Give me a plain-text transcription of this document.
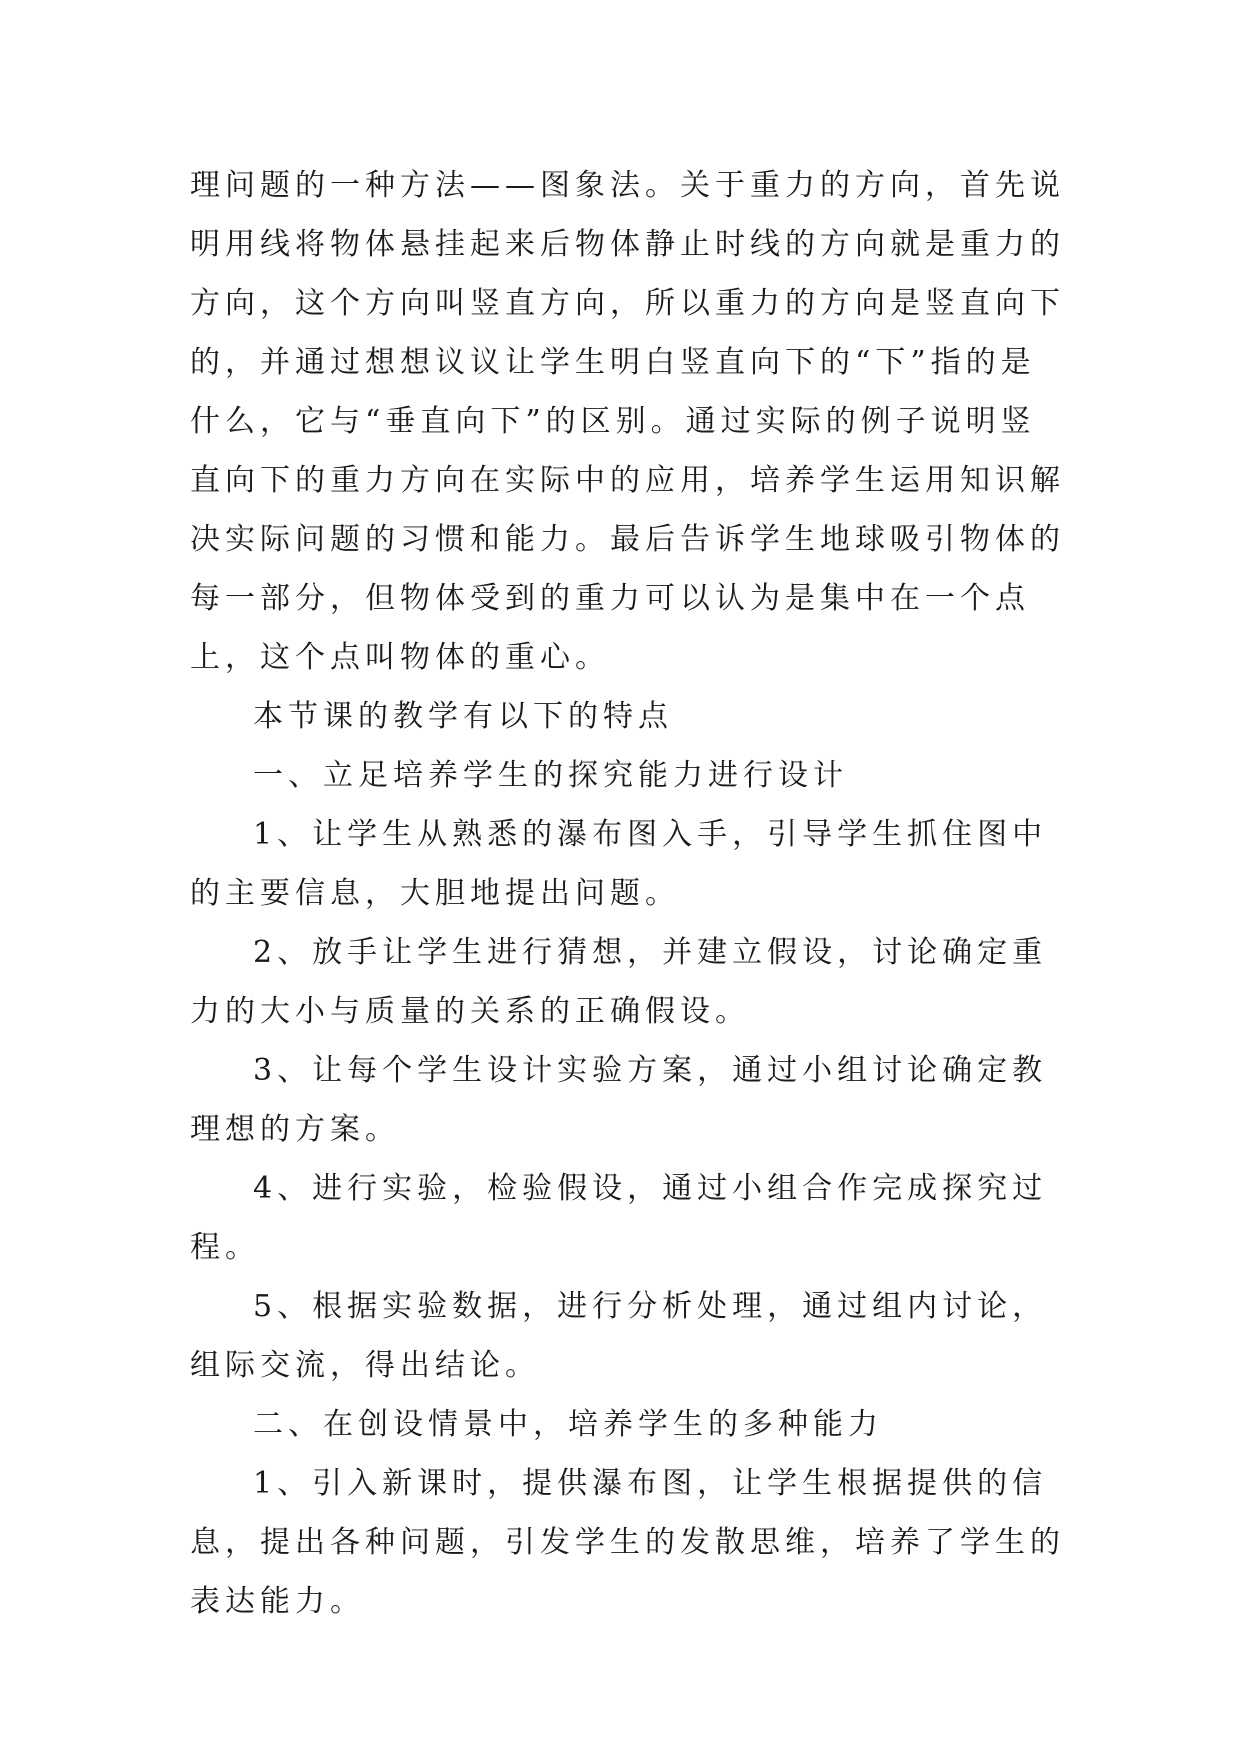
理问题的一种方法——图象法。关于重力的方向，首先说明用线将物体悬挂起来后物体静止时线的方向就是重力的方向，这个方向叫竖直方向，所以重力的方向是竖直向下的，并通过想想议议让学生明白竖直向下的“下”指的是什么，它与“垂直向下”的区别。通过实际的例子说明竖直向下的重力方向在实际中的应用，培养学生运用知识解决实际问题的习惯和能力。最后告诉学生地球吸引物体的每一部分，但物体受到的重力可以认为是集中在一个点上，这个点叫物体的重心。

本节课的教学有以下的特点

一、立足培养学生的探究能力进行设计

1、让学生从熟悉的瀑布图入手，引导学生抓住图中的主要信息，大胆地提出问题。

2、放手让学生进行猜想，并建立假设，讨论确定重力的大小与质量的关系的正确假设。

3、让每个学生设计实验方案，通过小组讨论确定教理想的方案。

4、进行实验，检验假设，通过小组合作完成探究过程。

5、根据实验数据，进行分析处理，通过组内讨论，组际交流，得出结论。

二、在创设情景中，培养学生的多种能力

1、引入新课时，提供瀑布图，让学生根据提供的信息，提出各种问题，引发学生的发散思维，培养了学生的表达能力。
